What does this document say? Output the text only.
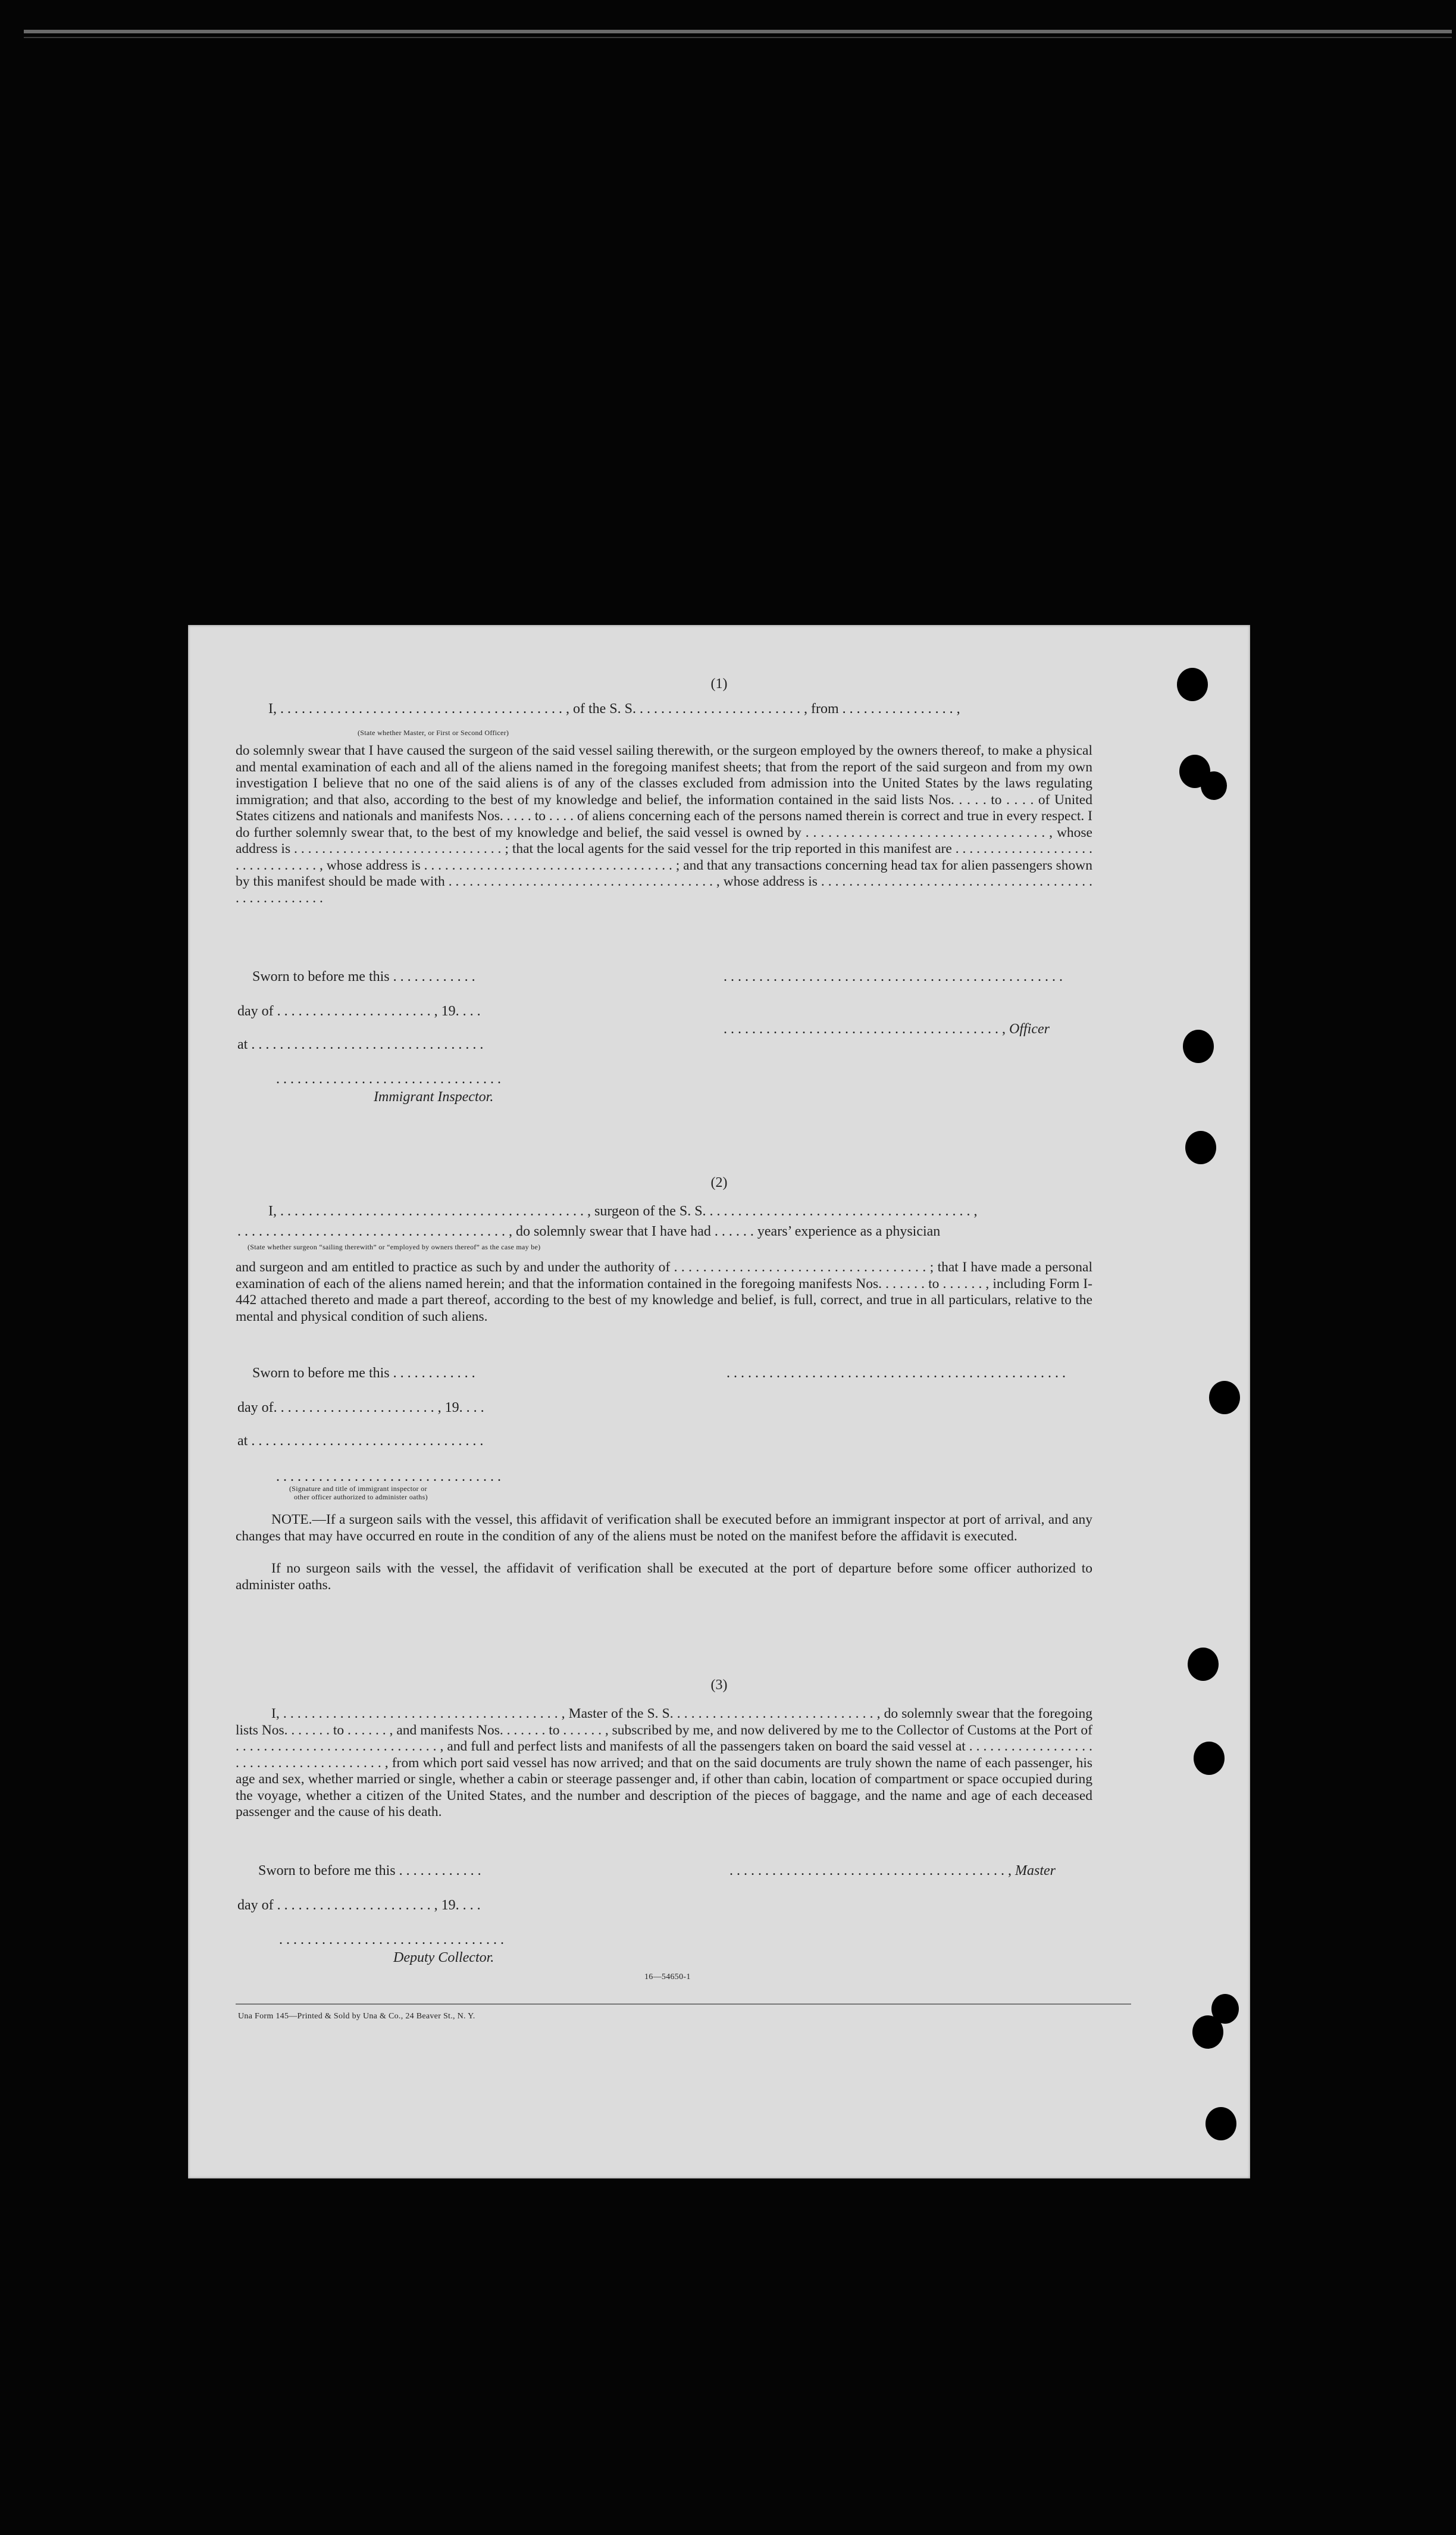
(1)
I, . . . . . . . . . . . . . . . . . . . . . . . . . . . . . . . . . . . . . . . . , of the S. S. . . . . . . . . . . . . . . . . . . . . . . . , from . . . . . . . . . . . . . . . . ,
(State whether Master, or First or Second Officer)
do solemnly swear that I have caused the surgeon of the said vessel sailing therewith, or the surgeon employed by the owners thereof, to make a physical and mental examination of each and all of the aliens named in the foregoing manifest sheets; that from the report of the said surgeon and from my own investigation I believe that no one of the said aliens is of any of the classes excluded from admission into the United States by the laws regulating immigration; and that also, according to the best of my knowledge and belief, the information contained in the said lists Nos. . . . . to . . . . of United States citizens and nationals and manifests Nos. . . . . to . . . . of aliens concerning each of the persons named therein is correct and true in every respect. I do further solemnly swear that, to the best of my knowledge and belief, the said vessel is owned by . . . . . . . . . . . . . . . . . . . . . . . . . . . . . . . . , whose address is . . . . . . . . . . . . . . . . . . . . . . . . . . . . . . ; that the local agents for the said vessel for the trip reported in this manifest are . . . . . . . . . . . . . . . . . . . . . . . . . . . . . . . . , whose address is . . . . . . . . . . . . . . . . . . . . . . . . . . . . . . . . . . . . ; and that any transactions concerning head tax for alien passengers shown by this manifest should be made with . . . . . . . . . . . . . . . . . . . . . . . . . . . . . . . . . . . . . . , whose address is . . . . . . . . . . . . . . . . . . . . . . . . . . . . . . . . . . . . . . . . . . . . . . . . . . . .
Sworn to before me this . . . . . . . . . . . .	. . . . . . . . . . . . . . . . . . . . . . . . . . . . . . . . . . . . . . . . . . . . . . . .
day of . . . . . . . . . . . . . . . . . . . . . . , 19. . . .
. . . . . . . . . . . . . . . . . . . . . . . . . . . . . . . . . . . . . . . , Officer
at . . . . . . . . . . . . . . . . . . . . . . . . . . . . . . . . .
. . . . . . . . . . . . . . . . . . . . . . . . . . . . . . . .
Immigrant Inspector.
(2)
I, . . . . . . . . . . . . . . . . . . . . . . . . . . . . . . . . . . . . . . . . . . . , surgeon of the S. S. . . . . . . . . . . . . . . . . . . . . . . . . . . . . . . . . . . . . . ,
. . . . . . . . . . . . . . . . . . . . . . . . . . . . . . . . . . . . . . , do solemnly swear that I have had . . . . . . years’ experience as a physician
(State whether surgeon “sailing therewith” or “employed by owners thereof” as the case may be)
and surgeon and am entitled to practice as such by and under the authority of . . . . . . . . . . . . . . . . . . . . . . . . . . . . . . . . . . . ; that I have made a personal examination of each of the aliens named herein; and that the information contained in the foregoing manifests Nos. . . . . . . to . . . . . . , including Form I-442 attached thereto and made a part thereof, according to the best of my knowledge and belief, is full, correct, and true in all particulars, relative to the mental and physical condition of such aliens.
Sworn to before me this . . . . . . . . . . . .	. . . . . . . . . . . . . . . . . . . . . . . . . . . . . . . . . . . . . . . . . . . . . . . .
day of. . . . . . . . . . . . . . . . . . . . . . . , 19. . . .
at . . . . . . . . . . . . . . . . . . . . . . . . . . . . . . . . .
. . . . . . . . . . . . . . . . . . . . . . . . . . . . . . . .
(Signature and title of immigrant inspector or
other officer authorized to administer oaths)
NOTE.—If a surgeon sails with the vessel, this affidavit of verification shall be executed before an immigrant inspector at port of arrival, and any changes that may have occurred en route in the condition of any of the aliens must be noted on the manifest before the affidavit is executed.
If no surgeon sails with the vessel, the affidavit of verification shall be executed at the port of departure before some officer authorized to administer oaths.
(3)
I, . . . . . . . . . . . . . . . . . . . . . . . . . . . . . . . . . . . . . . . , Master of the S. S. . . . . . . . . . . . . . . . . . . . . . . . . . . . . , do solemnly swear that the foregoing lists Nos. . . . . . . to . . . . . . , and manifests Nos. . . . . . . to . . . . . . , subscribed by me, and now delivered by me to the Collector of Customs at the Port of . . . . . . . . . . . . . . . . . . . . . . . . . . . . . , and full and perfect lists and manifests of all the passengers taken on board the said vessel at . . . . . . . . . . . . . . . . . . . . . . . . . . . . . . . . . . . . . . . , from which port said vessel has now arrived; and that on the said documents are truly shown the name of each passenger, his age and sex, whether married or single, whether a cabin or steerage passenger and, if other than cabin, location of compartment or space occupied during the voyage, whether a citizen of the United States, and the number and description of the pieces of baggage, and the name and age of each deceased passenger and the cause of his death.
Sworn to before me this . . . . . . . . . . . .	. . . . . . . . . . . . . . . . . . . . . . . . . . . . . . . . . . . . . . . , Master
day of . . . . . . . . . . . . . . . . . . . . . . , 19. . . .
. . . . . . . . . . . . . . . . . . . . . . . . . . . . . . . .
Deputy Collector.
16—54650-1
Una Form 145—Printed & Sold by Una & Co., 24 Beaver St., N. Y.
